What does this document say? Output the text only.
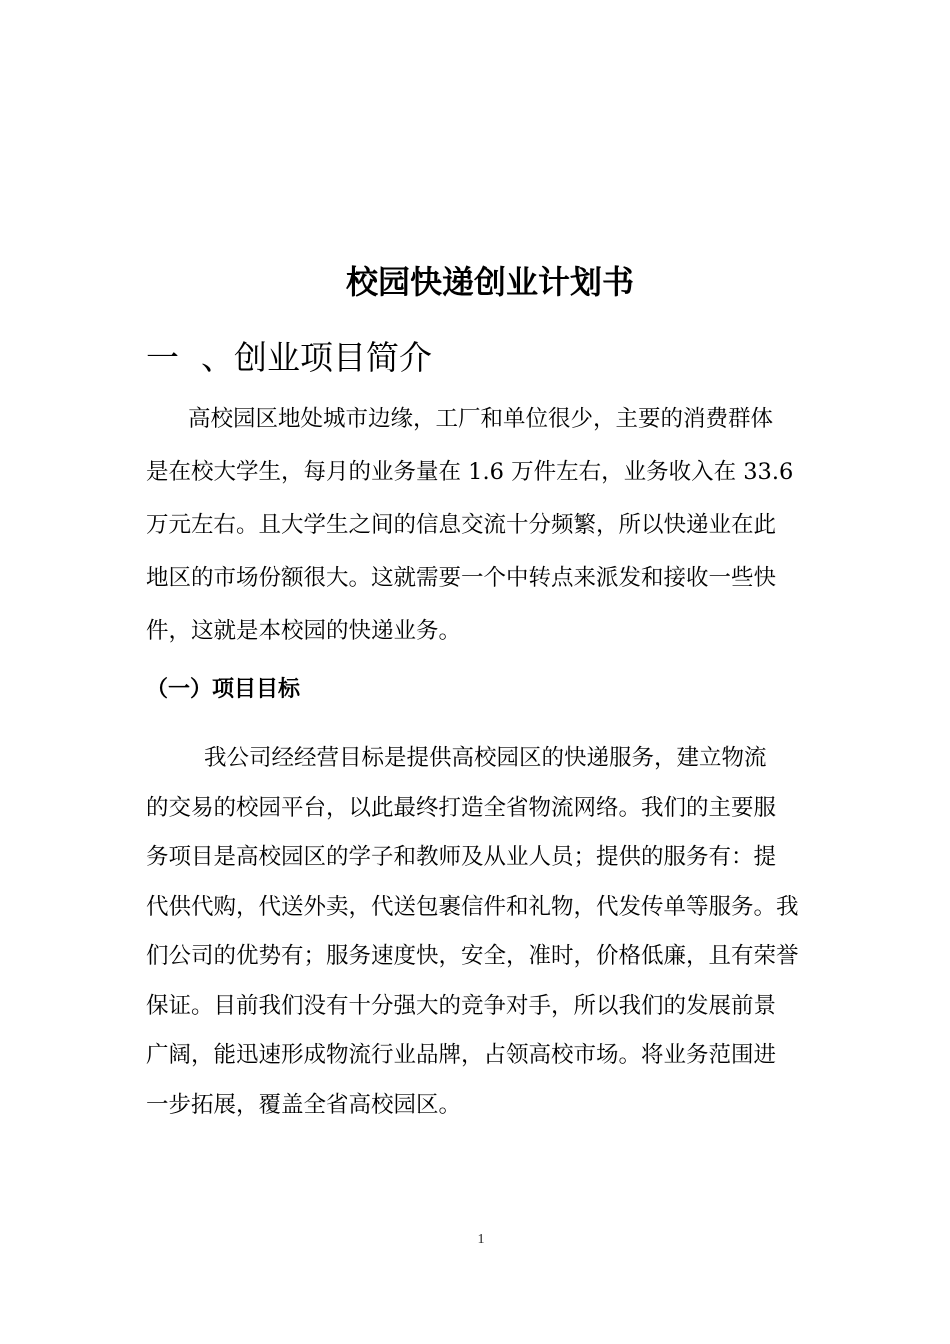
校园快递创业计划书
一 、创业项目简介
高校园区地处城市边缘，工厂和单位很少，主要的消费群体
是在校大学生，每月的业务量在 1.6 万件左右，业务收入在 33.6
万元左右。且大学生之间的信息交流十分频繁，所以快递业在此
地区的市场份额很大。这就需要一个中转点来派发和接收一些快
件，这就是本校园的快递业务。
（一）项目目标
我公司经经营目标是提供高校园区的快递服务，建立物流
的交易的校园平台，以此最终打造全省物流网络。我们的主要服
务项目是高校园区的学子和教师及从业人员；提供的服务有：提
代供代购，代送外卖，代送包裹信件和礼物，代发传单等服务。我
们公司的优势有；服务速度快，安全，准时，价格低廉，且有荣誉
保证。目前我们没有十分强大的竞争对手，所以我们的发展前景
广阔，能迅速形成物流行业品牌，占领高校市场。将业务范围进
一步拓展，覆盖全省高校园区。
1
